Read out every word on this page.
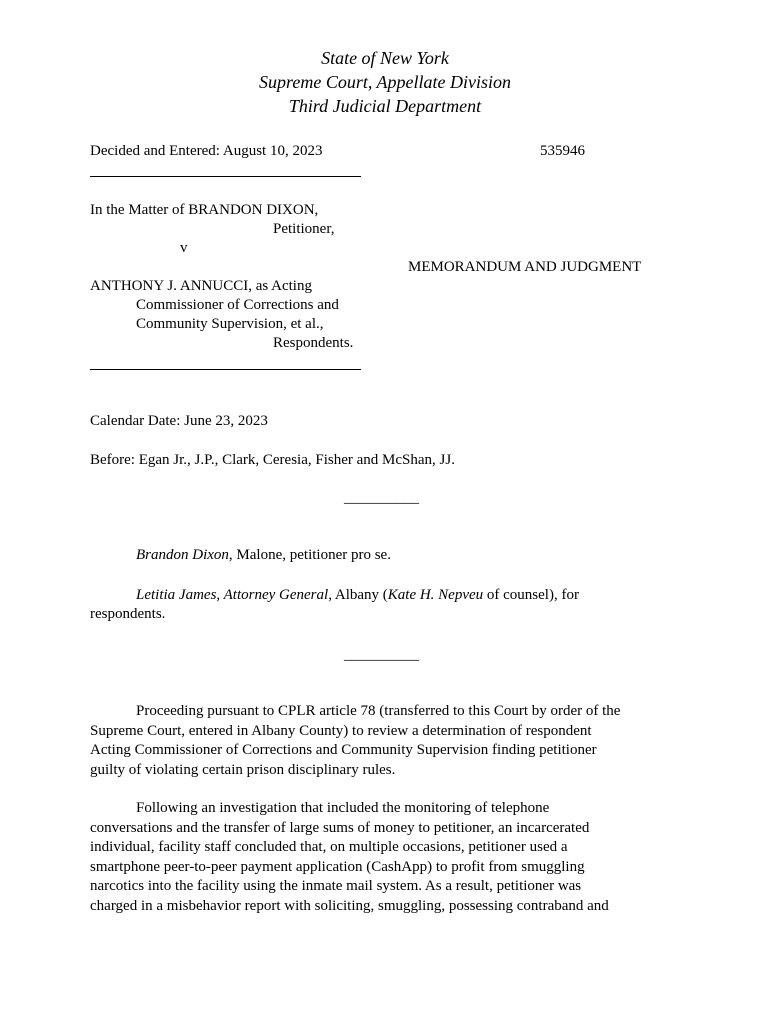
State of New York
Supreme Court, Appellate Division
Third Judicial Department
Decided and Entered: August 10, 2023	535946
In the Matter of BRANDON DIXON,
Petitioner,
v
MEMORANDUM AND JUDGMENT
ANTHONY J. ANNUCCI, as Acting
Commissioner of Corrections and
Community Supervision, et al.,
Respondents.
Calendar Date: June 23, 2023
Before: Egan Jr., J.P., Clark, Ceresia, Fisher and McShan, JJ.
__________
Brandon Dixon, Malone, petitioner pro se.
Letitia James, Attorney General, Albany (Kate H. Nepveu of counsel), for
respondents.
__________
Proceeding pursuant to CPLR article 78 (transferred to this Court by order of the
Supreme Court, entered in Albany County) to review a determination of respondent
Acting Commissioner of Corrections and Community Supervision finding petitioner
guilty of violating certain prison disciplinary rules.
Following an investigation that included the monitoring of telephone
conversations and the transfer of large sums of money to petitioner, an incarcerated
individual, facility staff concluded that, on multiple occasions, petitioner used a
smartphone peer-to-peer payment application (CashApp) to profit from smuggling
narcotics into the facility using the inmate mail system. As a result, petitioner was
charged in a misbehavior report with soliciting, smuggling, possessing contraband and
